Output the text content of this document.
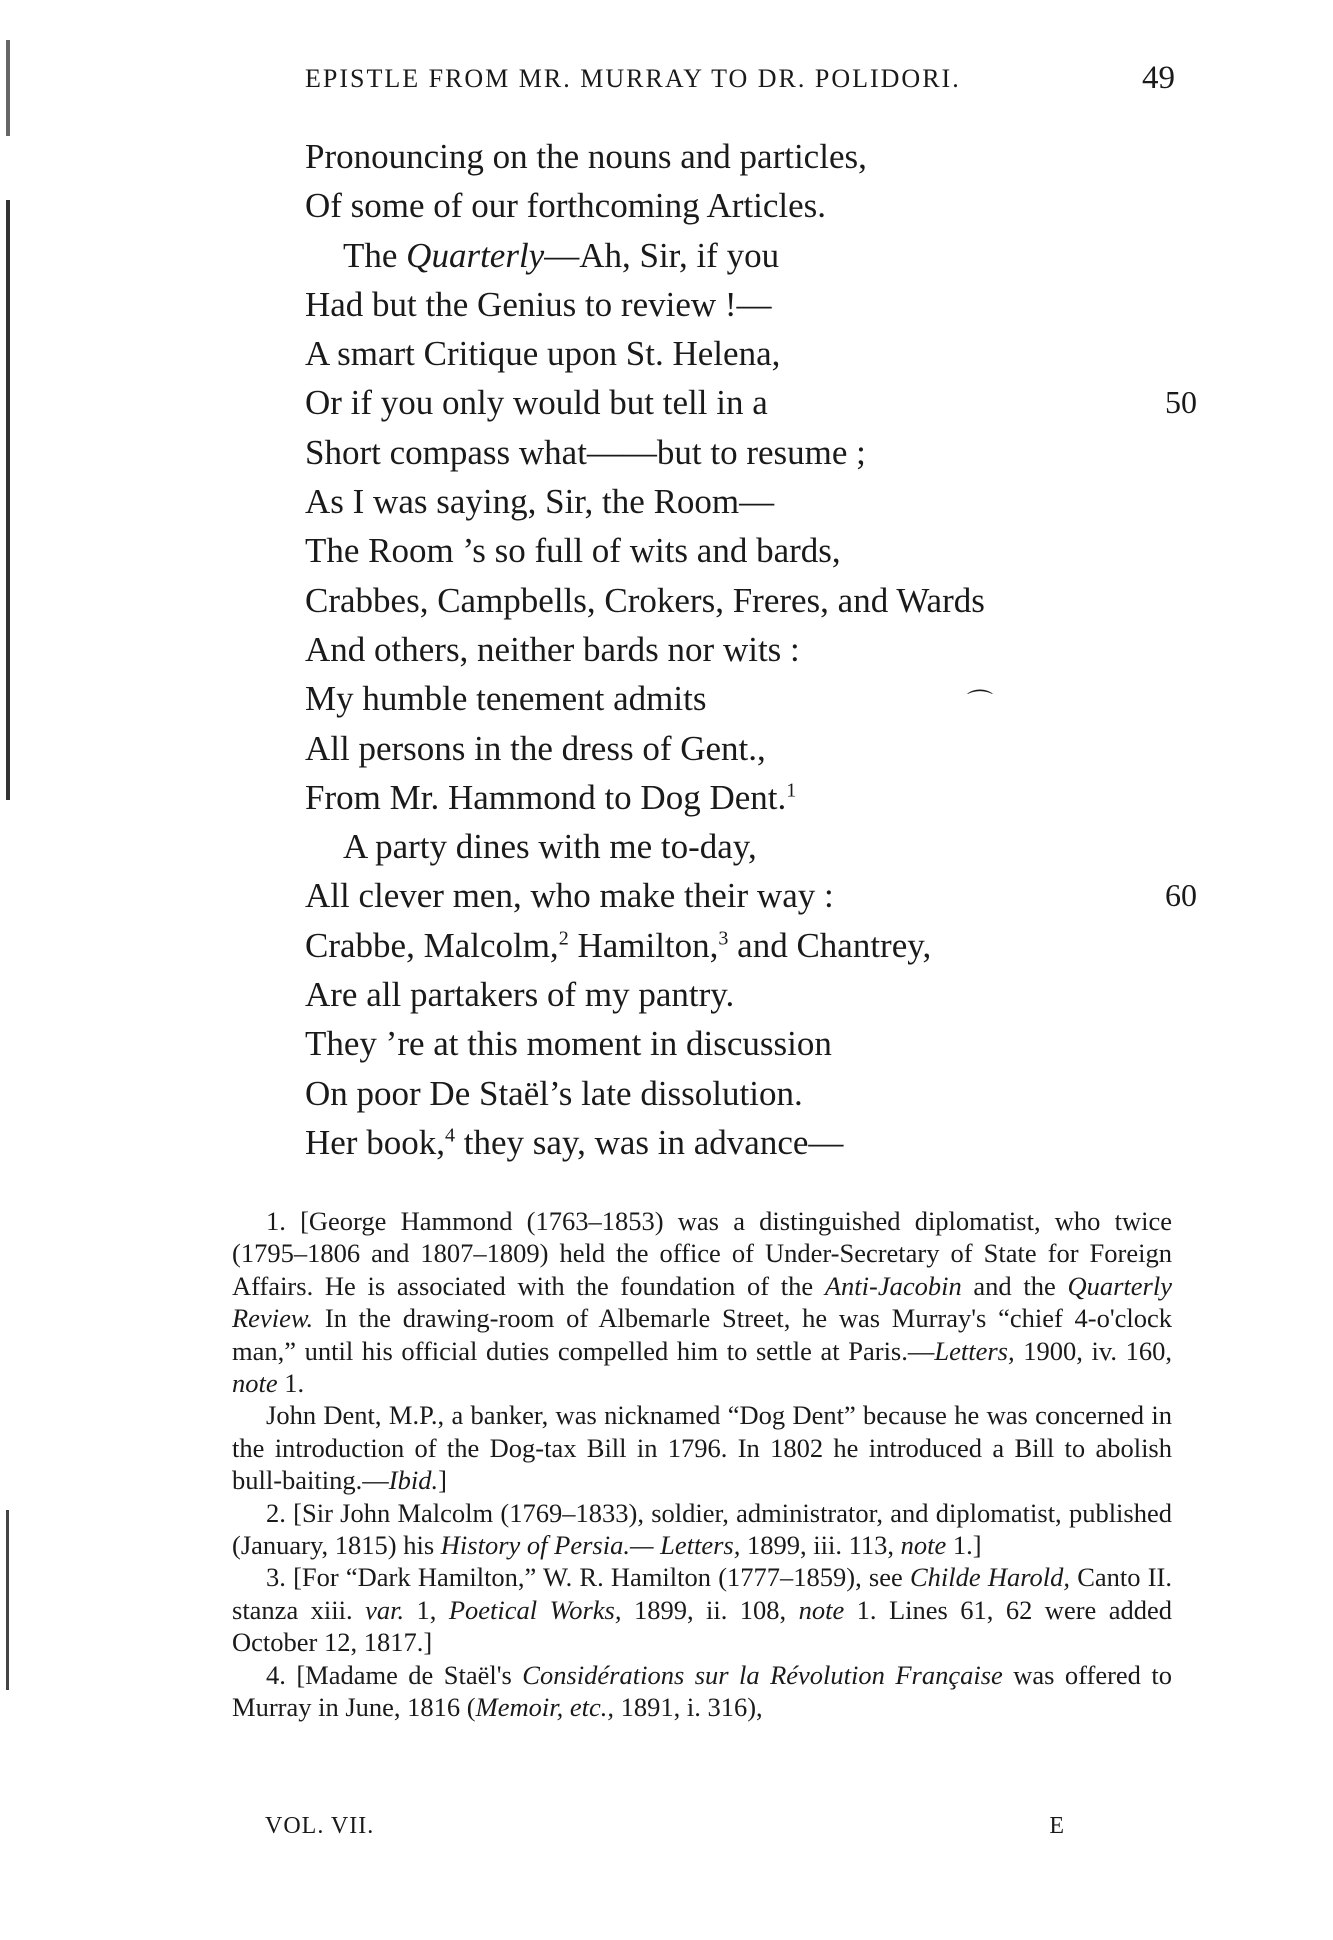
EPISTLE FROM MR. MURRAY TO DR. POLIDORI.	49
Pronouncing on the nouns and particles,
Of some of our forthcoming Articles.
The Quarterly—Ah, Sir, if you
Had but the Genius to review !—
A smart Critique upon St. Helena,
Or if you only would but tell in a	50
Short compass what——but to resume ;
As I was saying, Sir, the Room—
The Room ’s so full of wits and bards,
Crabbes, Campbells, Crokers, Freres, and Wards
And others, neither bards nor wits :
My humble tenement admits
All persons in the dress of Gent.,
From Mr. Hammond to Dog Dent.$^1$
A party dines with me to-day,
All clever men, who make their way :	60
Crabbe, Malcolm,$^2$ Hamilton,$^3$ and Chantrey,
Are all partakers of my pantry.
They ’re at this moment in discussion
On poor De Staël’s late dissolution.
Her book,$^4$ they say, was in advance—
⌒

1. [George Hammond (1763–1853) was a distinguished diplomatist, who twice (1795–1806 and 1807–1809) held the office of Under-Secretary of State for Foreign Affairs. He is associated with the foundation of the Anti-Jacobin and the Quarterly Review. In the drawing-room of Albemarle Street, he was Murray's “chief 4-o'clock man,” until his official duties compelled him to settle at Paris.—Letters, 1900, iv. 160, note 1.

John Dent, M.P., a banker, was nicknamed “Dog Dent” because he was concerned in the introduction of the Dog-tax Bill in 1796. In 1802 he introduced a Bill to abolish bull-baiting.—Ibid.]

2. [Sir John Malcolm (1769–1833), soldier, administrator, and diplomatist, published (January, 1815) his History of Persia.— Letters, 1899, iii. 113, note 1.]

3. [For “Dark Hamilton,” W. R. Hamilton (1777–1859), see Childe Harold, Canto II. stanza xiii. var. 1, Poetical Works, 1899, ii. 108, note 1. Lines 61, 62 were added October 12, 1817.]

4. [Madame de Staël's Considérations sur la Révolution Française was offered to Murray in June, 1816 (Memoir, etc., 1891, i. 316),

VOL. VII.	E
